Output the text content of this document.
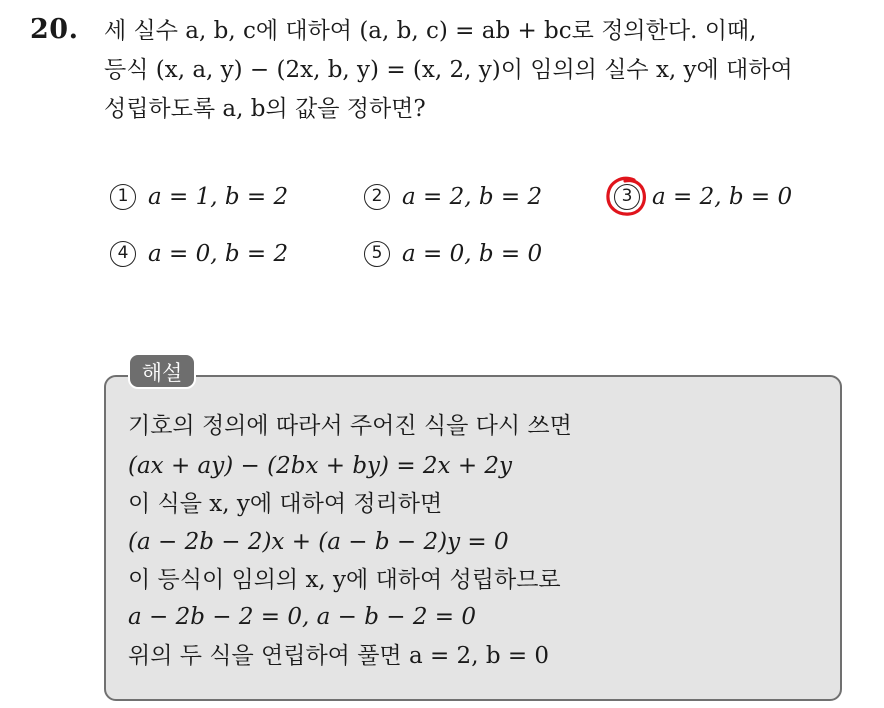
20. 세 실수 a, b, c에 대하여 (a, b, c) = ab + bc로 정의한다. 이때,
등식 (x, a, y) − (2x, b, y) = (x, 2, y)이 임의의 실수 x, y에 대하여
성립하도록 a, b의 값을 정하면?
1 a = 1, b = 2	2 a = 2, b = 2	3 a = 2, b = 0
4 a = 0, b = 2	5 a = 0, b = 0
해설
기호의 정의에 따라서 주어진 식을 다시 쓰면
(ax + ay) − (2bx + by) = 2x + 2y
이 식을 x, y에 대하여 정리하면
(a − 2b − 2)x + (a − b − 2)y = 0
이 등식이 임의의 x, y에 대하여 성립하므로
a − 2b − 2 = 0, a − b − 2 = 0
위의 두 식을 연립하여 풀면 a = 2, b = 0
